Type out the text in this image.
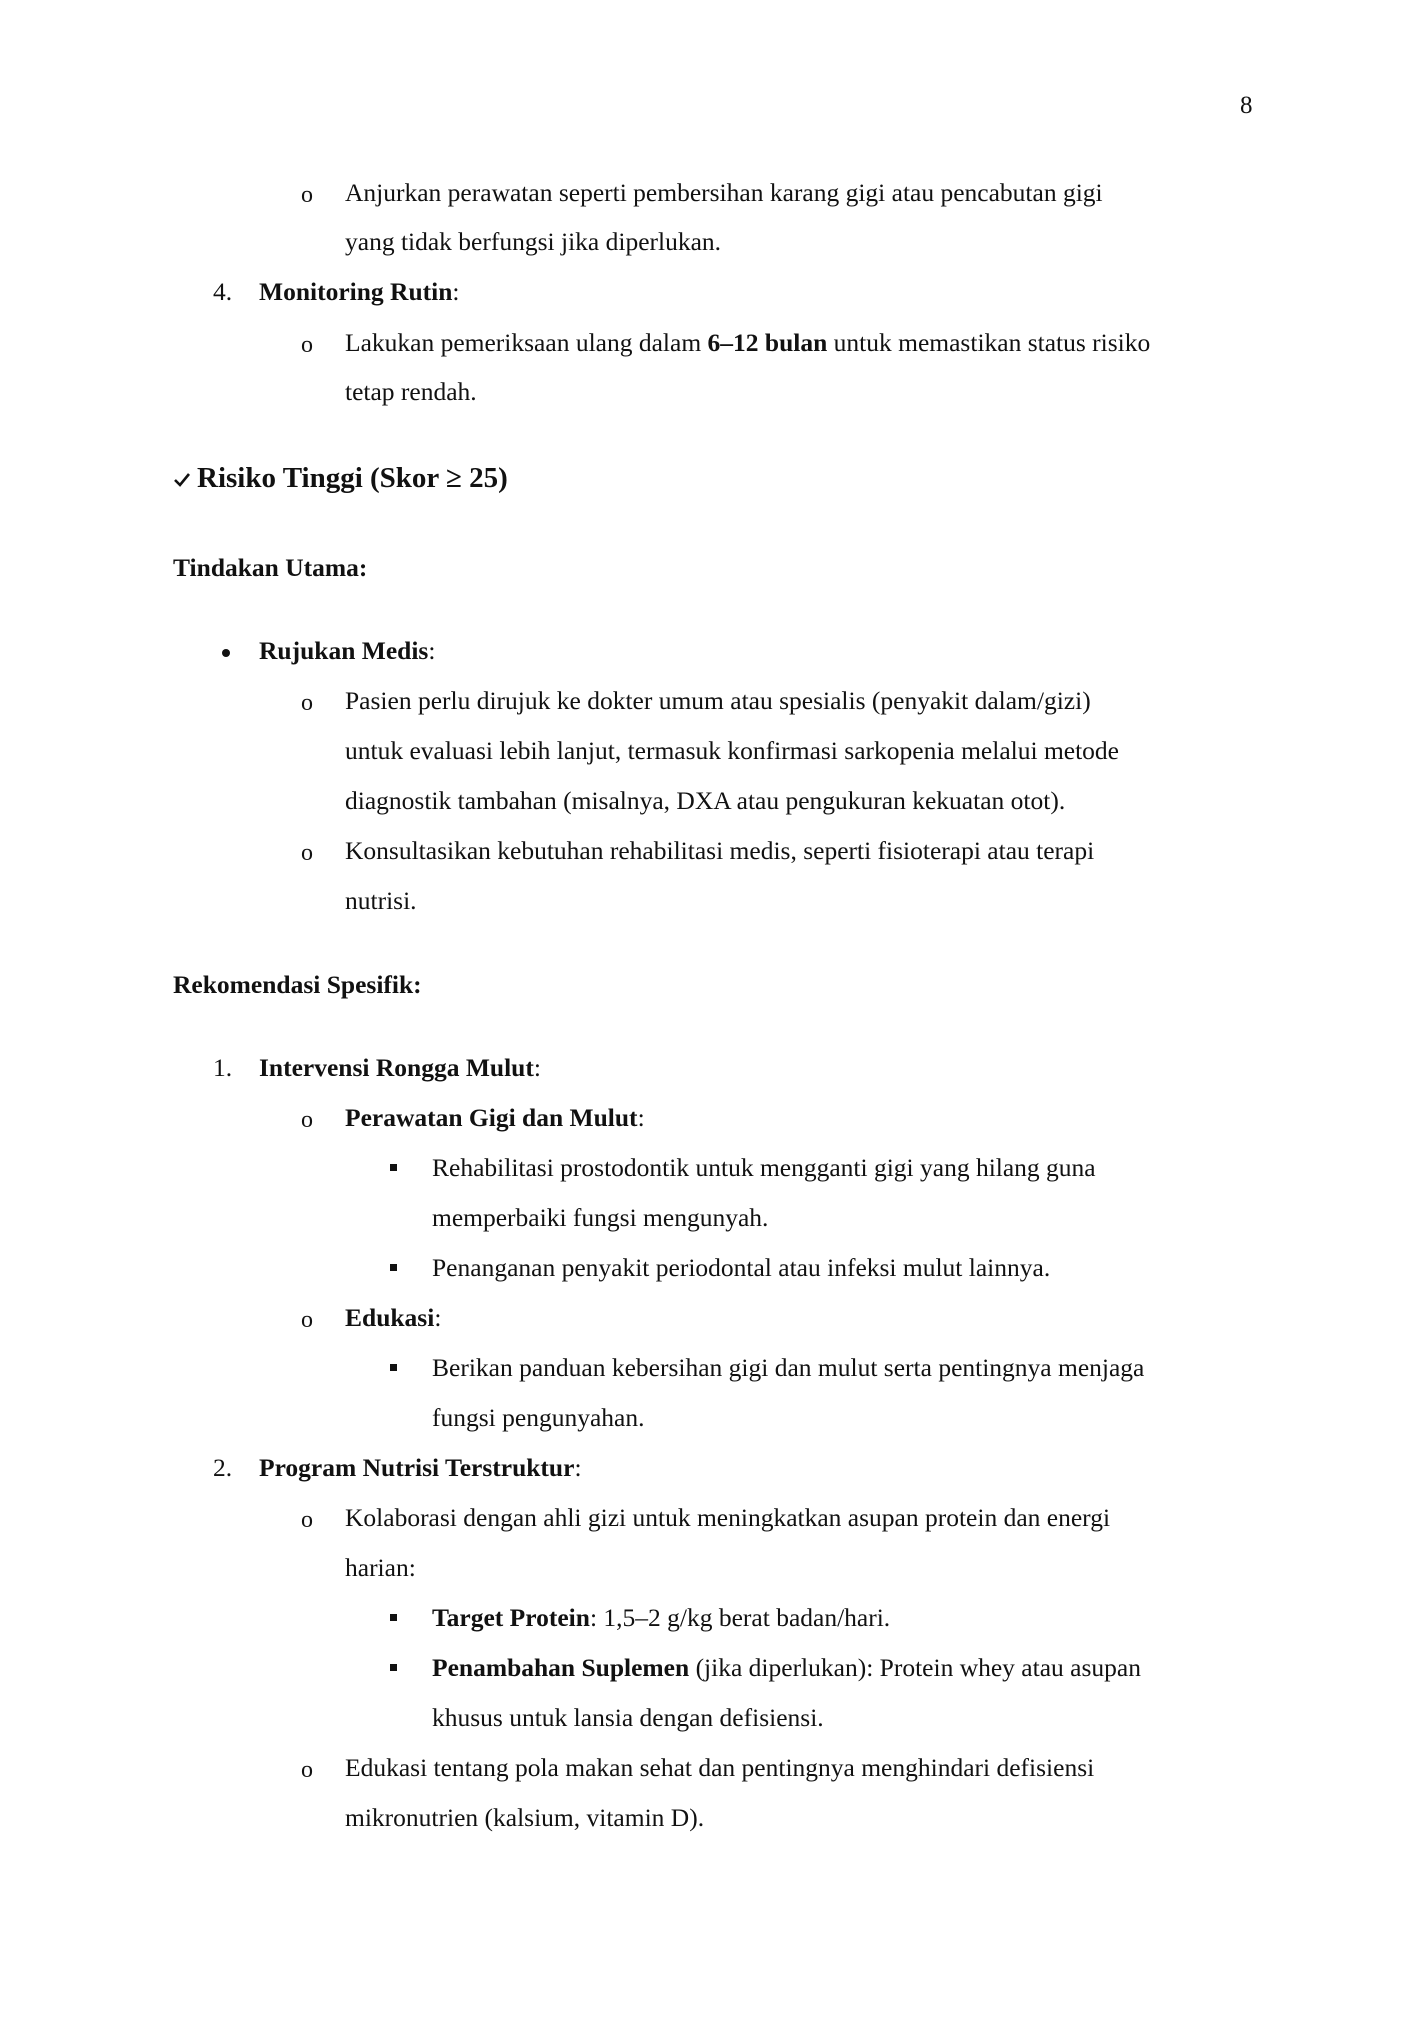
8
o Anjurkan perawatan seperti pembersihan karang gigi atau pencabutan gigi
yang tidak berfungsi jika diperlukan.
4. Monitoring Rutin:
o Lakukan pemeriksaan ulang dalam 6–12 bulan untuk memastikan status risiko
tetap rendah.
Risiko Tinggi (Skor ≥ 25)
Tindakan Utama:
Rujukan Medis:
o Pasien perlu dirujuk ke dokter umum atau spesialis (penyakit dalam/gizi)
untuk evaluasi lebih lanjut, termasuk konfirmasi sarkopenia melalui metode
diagnostik tambahan (misalnya, DXA atau pengukuran kekuatan otot).
o Konsultasikan kebutuhan rehabilitasi medis, seperti fisioterapi atau terapi
nutrisi.
Rekomendasi Spesifik:
1. Intervensi Rongga Mulut:
o Perawatan Gigi dan Mulut:
Rehabilitasi prostodontik untuk mengganti gigi yang hilang guna
memperbaiki fungsi mengunyah.
Penanganan penyakit periodontal atau infeksi mulut lainnya.
o Edukasi:
Berikan panduan kebersihan gigi dan mulut serta pentingnya menjaga
fungsi pengunyahan.
2. Program Nutrisi Terstruktur:
o Kolaborasi dengan ahli gizi untuk meningkatkan asupan protein dan energi
harian:
Target Protein: 1,5–2 g/kg berat badan/hari.
Penambahan Suplemen (jika diperlukan): Protein whey atau asupan
khusus untuk lansia dengan defisiensi.
o Edukasi tentang pola makan sehat dan pentingnya menghindari defisiensi
mikronutrien (kalsium, vitamin D).
